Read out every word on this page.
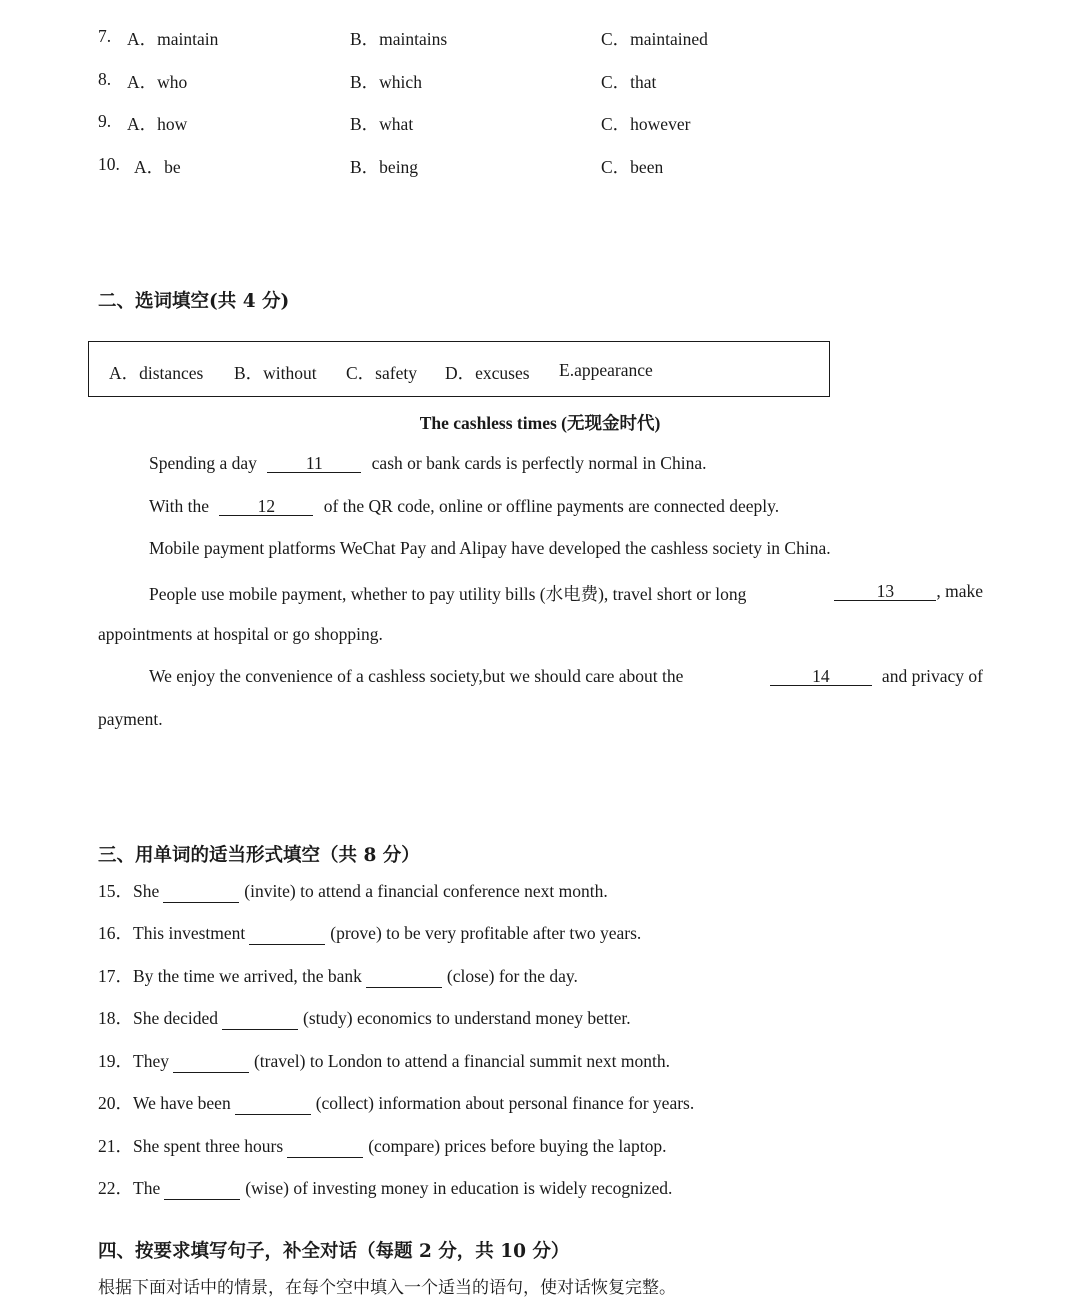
7. A．maintain	B．maintains	C．maintained
8. A．who	B．which	C．that
9. A．how	B．what	C．however
10. A．be	B．being	C．been
二、选词填空(共 4 分)
A．distances B．without C．safety D．excuses E.appearance
The cashless times (无现金时代)
Spending a day	11	cash or bank cards is perfectly normal in China.
With the	12	of the QR code, online or offline payments are connected deeply.
Mobile payment platforms WeChat Pay and Alipay have developed the cashless society in China.
People use mobile payment, whether to pay utility bills (水电费), travel short or long	13 , make
appointments at hospital or go shopping.
We enjoy the convenience of a cashless society,but we should care about the	14	and privacy of
payment.
三、用单词的适当形式填空（共 8 分）
15．She	(invite) to attend a financial conference next month.
16．This investment	(prove) to be very profitable after two years.
17．By the time we arrived, the bank	(close) for the day.
18．She decided	(study) economics to understand money better.
19．They	(travel) to London to attend a financial summit next month.
20．We have been	(collect) information about personal finance for years.
21．She spent three hours	(compare) prices before buying the laptop.
22．The	(wise) of investing money in education is widely recognized.
四、按要求填写句子，补全对话（每题 2 分，共 10 分）
根据下面对话中的情景，在每个空中填入一个适当的语句，使对话恢复完整。
